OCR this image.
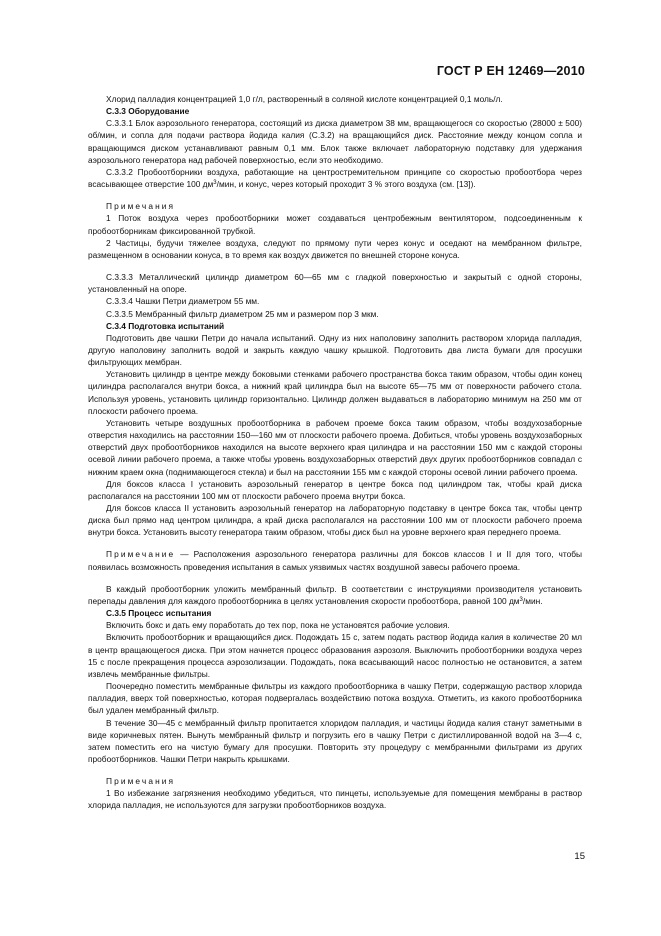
ГОСТ Р ЕН 12469—2010

Хлорид палладия концентрацией 1,0 г/л, растворенный в соляной кислоте концентрацией 0,1 моль/л.

C.3.3 Оборудование

C.3.3.1 Блок аэрозольного генератора, состоящий из диска диаметром 38 мм, вращающегося со скоростью (28000 ± 500) об/мин, и сопла для подачи раствора йодида калия (C.3.2) на вращающийся диск. Расстояние между концом сопла и вращающимся диском устанавливают равным 0,1 мм. Блок также включает лабораторную подставку для удержания аэрозольного генератора над рабочей поверхностью, если это необходимо.

C.3.3.2 Пробоотборники воздуха, работающие на центростремительном принципе со скоростью пробоотбора через всасывающее отверстие 100 $дм^3$/мин, и конус, через который проходит 3 % этого воздуха (см. [13]).

Примечания

1 Поток воздуха через пробоотборники может создаваться центробежным вентилятором, подсоединенным к пробоотборникам фиксированной трубкой.

2 Частицы, будучи тяжелее воздуха, следуют по прямому пути через конус и оседают на мембранном фильтре, размещенном в основании конуса, в то время как воздух движется по внешней стороне конуса.

C.3.3.3 Металлический цилиндр диаметром 60—65 мм с гладкой поверхностью и закрытый с одной стороны, установленный на опоре.

C.3.3.4 Чашки Петри диаметром 55 мм.

C.3.3.5 Мембранный фильтр диаметром 25 мм и размером пор 3 мкм.

C.3.4 Подготовка испытаний

Подготовить две чашки Петри до начала испытаний. Одну из них наполовину заполнить раствором хлорида палладия, другую наполовину заполнить водой и закрыть каждую чашку крышкой. Подготовить два листа бумаги для просушки фильтрующих мембран.

Установить цилиндр в центре между боковыми стенками рабочего пространства бокса таким образом, чтобы один конец цилиндра располагался внутри бокса, а нижний край цилиндра был на высоте 65—75 мм от поверхности рабочего стола. Используя уровень, установить цилиндр горизонтально. Цилиндр должен выдаваться в лабораторию минимум на 250 мм от плоскости рабочего проема.

Установить четыре воздушных пробоотборника в рабочем проеме бокса таким образом, чтобы воздухозаборные отверстия находились на расстоянии 150—160 мм от плоскости рабочего проема. Добиться, чтобы уровень воздухозаборных отверстий двух пробоотборников находился на высоте верхнего края цилиндра и на расстоянии 150 мм с каждой стороны осевой линии рабочего проема, а также чтобы уровень воздухозаборных отверстий двух других пробоотборников совпадал с нижним краем окна (поднимающегося стекла) и был на расстоянии 155 мм с каждой стороны осевой линии рабочего проема.

Для боксов класса I установить аэрозольный генератор в центре бокса под цилиндром так, чтобы край диска располагался на расстоянии 100 мм от плоскости рабочего проема внутри бокса.

Для боксов класса II установить аэрозольный генератор на лабораторную подставку в центре бокса так, чтобы центр диска был прямо над центром цилиндра, а край диска располагался на расстоянии 100 мм от плоскости рабочего проема внутри бокса. Установить высоту генератора таким образом, чтобы диск был на уровне верхнего края переднего проема.

Примечание — Расположения аэрозольного генератора различны для боксов классов I и II для того, чтобы появилась возможность проведения испытания в самых уязвимых частях воздушной завесы рабочего проема.

В каждый пробоотборник уложить мембранный фильтр. В соответствии с инструкциями производителя установить перепады давления для каждого пробоотборника в целях установления скорости пробоотбора, равной 100 $дм^3$/мин.

C.3.5 Процесс испытания

Включить бокс и дать ему поработать до тех пор, пока не установятся рабочие условия.

Включить пробоотборник и вращающийся диск. Подождать 15 с, затем подать раствор йодида калия в количестве 20 мл в центр вращающегося диска. При этом начнется процесс образования аэрозоля. Выключить пробоотборники воздуха через 15 с после прекращения процесса аэрозолизации. Подождать, пока всасывающий насос полностью не остановится, а затем извлечь мембранные фильтры.

Поочередно поместить мембранные фильтры из каждого пробоотборника в чашку Петри, содержащую раствор хлорида палладия, вверх той поверхностью, которая подвергалась воздействию потока воздуха. Отметить, из какого пробоотборника был удален мембранный фильтр.

В течение 30—45 с мембранный фильтр пропитается хлоридом палладия, и частицы йодида калия станут заметными в виде коричневых пятен. Вынуть мембранный фильтр и погрузить его в чашку Петри с дистиллированной водой на 3—4 с, затем поместить его на чистую бумагу для просушки. Повторить эту процедуру с мембранными фильтрами из других пробоотборников. Чашки Петри накрыть крышками.

Примечания

1 Во избежание загрязнения необходимо убедиться, что пинцеты, используемые для помещения мембраны в раствор хлорида палладия, не используются для загрузки пробоотборников воздуха.

15
